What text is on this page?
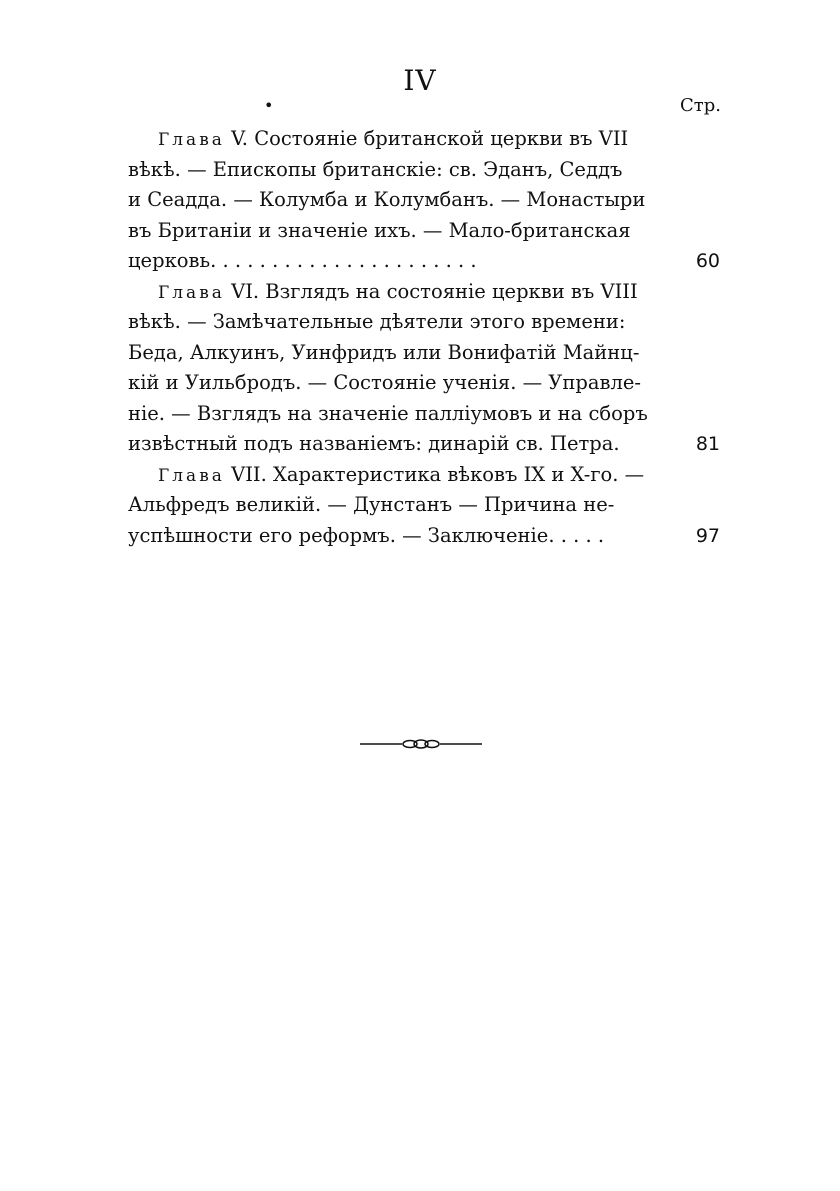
IV
•	Стр.
Глава V. Состояніе британской церкви въ VII
вѣкѣ. — Епископы британскіе: св. Эданъ, Седдъ
и Сеадда. — Колумба и Колумбанъ. — Монастыри
въ Британіи и значеніе ихъ. — Мало-британская
церковь. . . . . . . . . . . . . . . . . . . . . .	60
Глава VI. Взглядъ на состояніе церкви въ VIII
вѣкѣ. — Замѣчательные дѣятели этого времени:
Беда, Алкуинъ, Уинфридъ или Вонифатій Майнц-
кій и Уильбродъ. — Состояніе ученія. — Управле-
ніе. — Взглядъ на значеніе палліумовъ и на сборъ
извѣстный подъ названіемъ: динарій св. Петра.	81
Глава VII. Характеристика вѣковъ IX и X-го. —
Альфредъ великій. — Дунстанъ — Причина не-
успѣшности его реформъ. — Заключеніе. . . . .	97
